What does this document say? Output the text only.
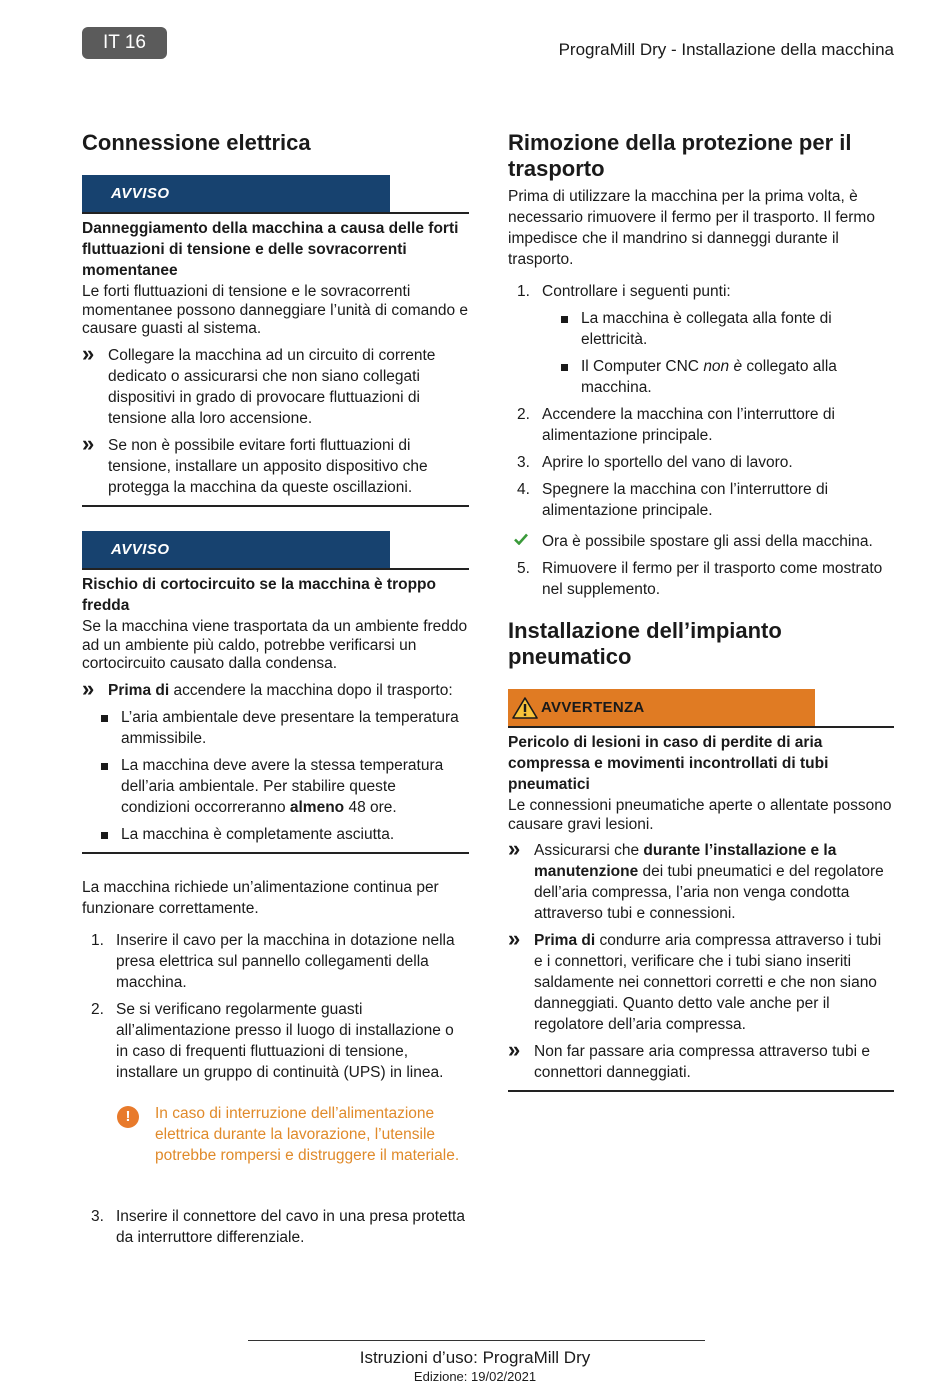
IT 16	PrograMill Dry - Installazione della macchina
Connessione elettrica
AVVISO
Danneggiamento della macchina a causa delle forti fluttuazioni di tensione e delle sovracorrenti momentanee
Le forti fluttuazioni di tensione e le sovracorrenti momentanee possono danneggiare l’unità di comando e causare guasti al sistema.
» Collegare la macchina ad un circuito di corrente dedicato o assicurarsi che non siano collegati dispositivi in grado di provocare fluttuazioni di tensione alla loro accensione.
» Se non è possibile evitare forti fluttuazioni di tensione, installare un apposito dispositivo che protegga la macchina da queste oscillazioni.
AVVISO
Rischio di cortocircuito se la macchina è troppo fredda
Se la macchina viene trasportata da un ambiente freddo ad un ambiente più caldo, potrebbe verificarsi un cortocircuito causato dalla condensa.
» Prima di accendere la macchina dopo il trasporto:
L’aria ambientale deve presentare la temperatura ammissibile.
La macchina deve avere la stessa temperatura dell’aria ambientale. Per stabilire queste condizioni occorreranno almeno 48 ore.
La macchina è completamente asciutta.

La macchina richiede un’alimentazione continua per funzionare correttamente.

1. Inserire il cavo per la macchina in dotazione nella presa elettrica sul pannello collegamenti della macchina.
2. Se si verificano regolarmente guasti all’alimentazione presso il luogo di installazione o in caso di frequenti fluttuazioni di tensione, installare un gruppo di continuità (UPS) in linea.
!	In caso di interruzione dell’alimentazione elettrica durante la lavorazione, l’utensile potrebbe rompersi e distruggere il materiale.
3. Inserire il connettore del cavo in una presa protetta da interruttore differenziale.
Rimozione della protezione per il trasporto

Prima di utilizzare la macchina per la prima volta, è necessario rimuovere il fermo per il trasporto. Il fermo impedisce che il mandrino si danneggi durante il trasporto.

1. Controllare i seguenti punti:
La macchina è collegata alla fonte di elettricità.
Il Computer CNC non è collegato alla macchina.
2. Accendere la macchina con l’interruttore di alimentazione principale.
3. Aprire lo sportello del vano di lavoro.
4. Spegnere la macchina con l’interruttore di alimentazione principale.
Ora è possibile spostare gli assi della macchina.
5. Rimuovere il fermo per il trasporto come mostrato nel supplemento.
Installazione dell’impianto pneumatico
AVVERTENZA
Pericolo di lesioni in caso di perdite di aria compressa e movimenti incontrollati di tubi pneumatici
Le connessioni pneumatiche aperte o allentate possono causare gravi lesioni.
» Assicurarsi che durante l’installazione e la manutenzione dei tubi pneumatici e del regolatore dell’aria compressa, l’aria non venga condotta attraverso tubi e connessioni.
» Prima di condurre aria compressa attraverso i tubi e i connettori, verificare che i tubi siano inseriti saldamente nei connettori corretti e che non siano danneggiati. Quanto detto vale anche per il regolatore dell’aria compressa.
» Non far passare aria compressa attraverso tubi e connettori danneggiati.
Istruzioni d’uso: PrograMill Dry
Edizione: 19/02/2021
